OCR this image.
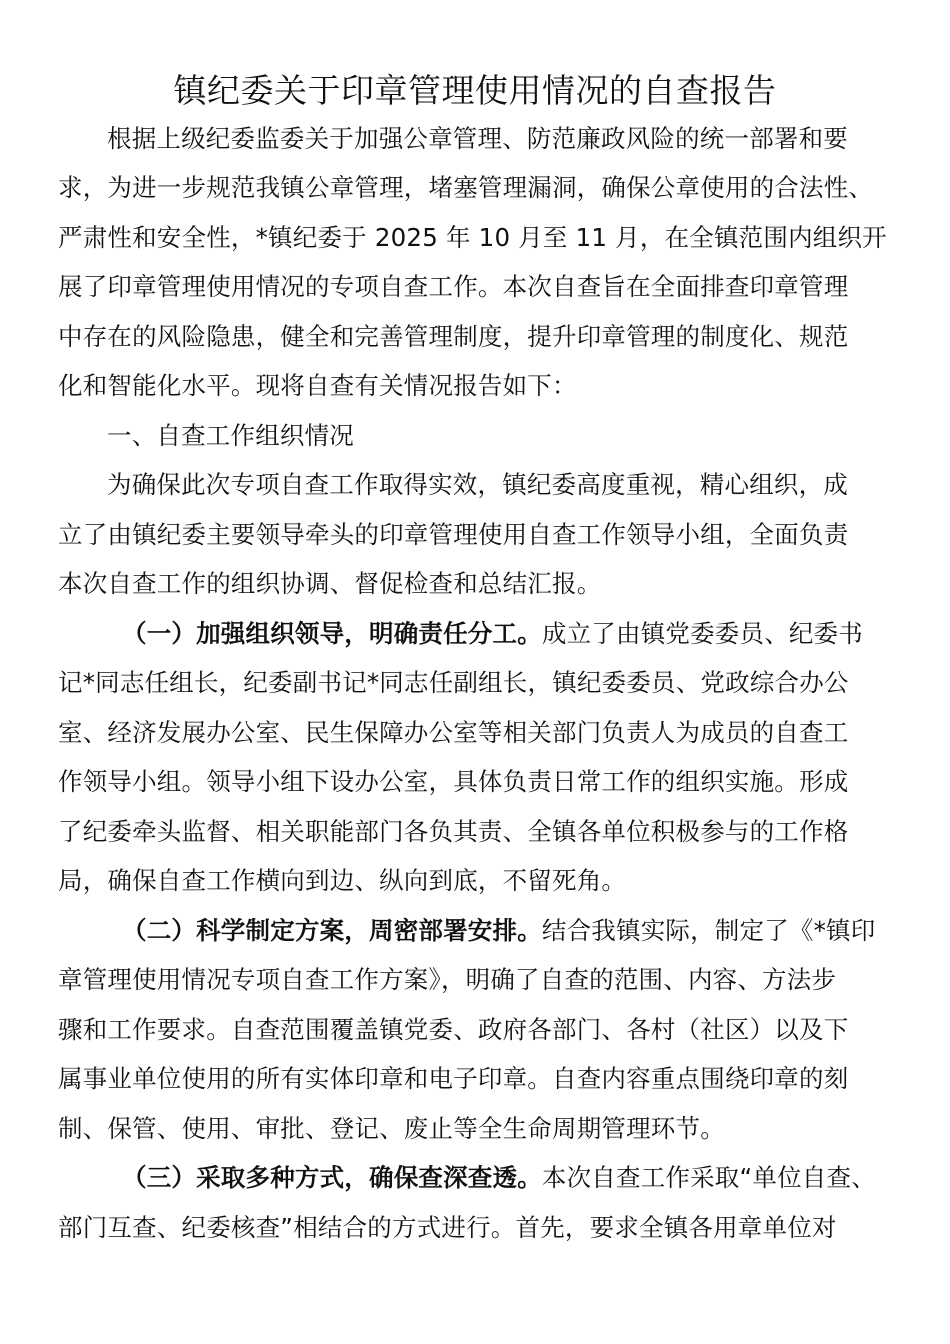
镇纪委关于印章管理使用情况的自查报告
根据上级纪委监委关于加强公章管理、防范廉政风险的统一部署和要
求，为进一步规范我镇公章管理，堵塞管理漏洞，确保公章使用的合法性、
严肃性和安全性，*镇纪委于 2025 年 10 月至 11 月，在全镇范围内组织开
展了印章管理使用情况的专项自查工作。本次自查旨在全面排查印章管理
中存在的风险隐患，健全和完善管理制度，提升印章管理的制度化、规范
化和智能化水平。现将自查有关情况报告如下：
一、自查工作组织情况
为确保此次专项自查工作取得实效，镇纪委高度重视，精心组织，成
立了由镇纪委主要领导牵头的印章管理使用自查工作领导小组，全面负责
本次自查工作的组织协调、督促检查和总结汇报。
（一）加强组织领导，明确责任分工。成立了由镇党委委员、纪委书
记*同志任组长，纪委副书记*同志任副组长，镇纪委委员、党政综合办公
室、经济发展办公室、民生保障办公室等相关部门负责人为成员的自查工
作领导小组。领导小组下设办公室，具体负责日常工作的组织实施。形成
了纪委牵头监督、相关职能部门各负其责、全镇各单位积极参与的工作格
局，确保自查工作横向到边、纵向到底，不留死角。
（二）科学制定方案，周密部署安排。结合我镇实际，制定了《*镇印
章管理使用情况专项自查工作方案》，明确了自查的范围、内容、方法步
骤和工作要求。自查范围覆盖镇党委、政府各部门、各村（社区）以及下
属事业单位使用的所有实体印章和电子印章。自查内容重点围绕印章的刻
制、保管、使用、审批、登记、废止等全生命周期管理环节。
（三）采取多种方式，确保查深查透。本次自查工作采取“单位自查、
部门互查、纪委核查”相结合的方式进行。首先，要求全镇各用章单位对
